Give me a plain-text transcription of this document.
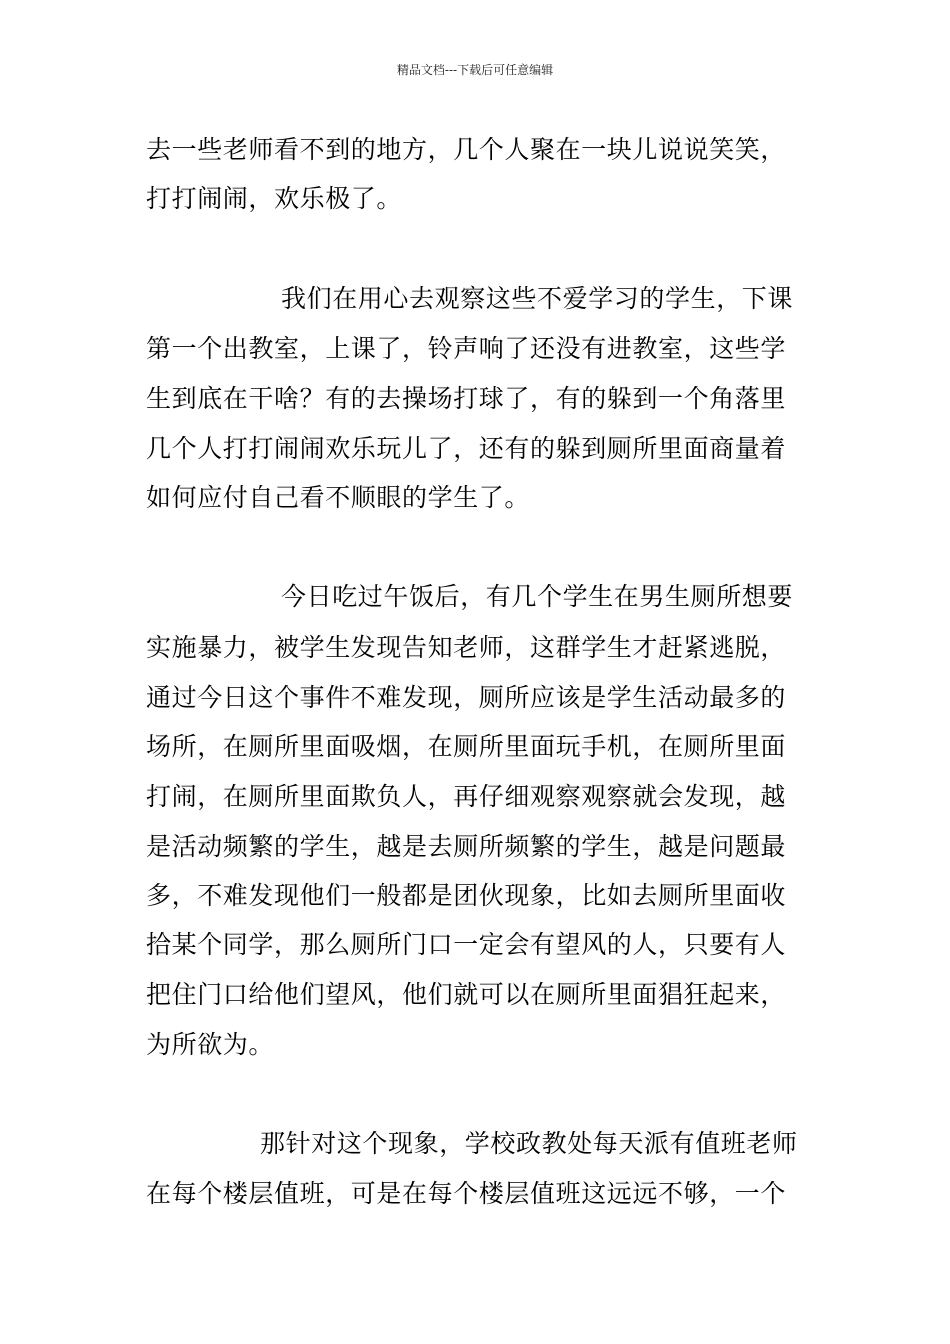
精品文档---下载后可任意编辑
去一些老师看不到的地方，几个人聚在一块儿说说笑笑，
打打闹闹，欢乐极了。
我们在用心去观察这些不爱学习的学生，下课
第一个出教室，上课了，铃声响了还没有进教室，这些学
生到底在干啥？有的去操场打球了，有的躲到一个角落里
几个人打打闹闹欢乐玩儿了，还有的躲到厕所里面商量着
如何应付自己看不顺眼的学生了。
今日吃过午饭后，有几个学生在男生厕所想要
实施暴力，被学生发现告知老师，这群学生才赶紧逃脱，
通过今日这个事件不难发现，厕所应该是学生活动最多的
场所，在厕所里面吸烟，在厕所里面玩手机，在厕所里面
打闹，在厕所里面欺负人，再仔细观察观察就会发现，越
是活动频繁的学生，越是去厕所频繁的学生，越是问题最
多，不难发现他们一般都是团伙现象，比如去厕所里面收
拾某个同学，那么厕所门口一定会有望风的人，只要有人
把住门口给他们望风，他们就可以在厕所里面猖狂起来，
为所欲为。
那针对这个现象，学校政教处每天派有值班老师
在每个楼层值班，可是在每个楼层值班这远远不够，一个
